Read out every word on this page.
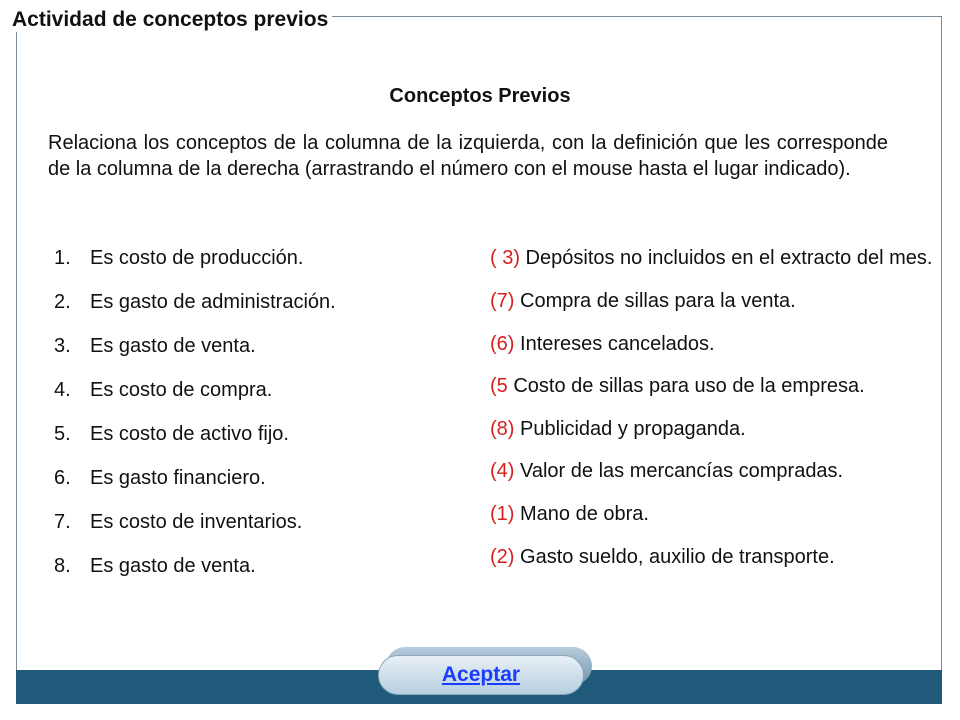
Actividad de conceptos previos
Conceptos Previos
Relaciona los conceptos de la columna de la izquierda, con la definición que les corresponde de la columna de la derecha (arrastrando el número con el mouse hasta el lugar indicado).
1. Es costo de producción.
2. Es gasto de administración.
3. Es gasto de venta.
4. Es costo de compra.
5. Es costo de activo fijo.
6. Es gasto financiero.
7. Es costo de inventarios.
8. Es gasto de venta.
( 3) Depósitos no incluidos en el extracto del mes.
(7) Compra de sillas para la venta.
(6) Intereses cancelados.
(5 Costo de sillas para uso de la empresa.
(8) Publicidad y propaganda.
(4) Valor de las mercancías compradas.
(1) Mano de obra.
(2) Gasto sueldo, auxilio de transporte.
Aceptar
